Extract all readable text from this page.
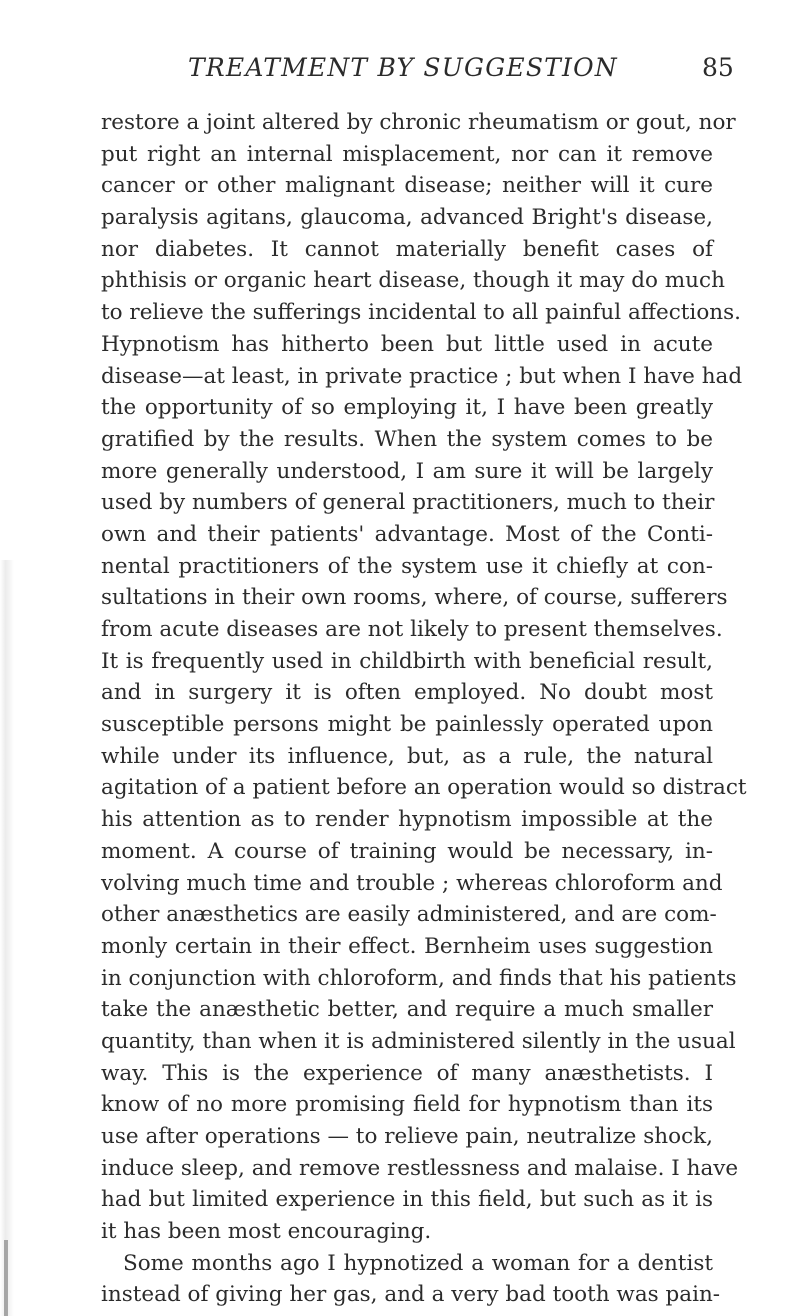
TREATMENT BY SUGGESTION	85
restore a joint altered by chronic rheumatism or gout, nor
put right an internal misplacement, nor can it remove
cancer or other malignant disease; neither will it cure
paralysis agitans, glaucoma, advanced Bright's disease,
nor diabetes. It cannot materially benefit cases of
phthisis or organic heart disease, though it may do much
to relieve the sufferings incidental to all painful affections.
Hypnotism has hitherto been but little used in acute
disease—at least, in private practice ; but when I have had
the opportunity of so employing it, I have been greatly
gratified by the results. When the system comes to be
more generally understood, I am sure it will be largely
used by numbers of general practitioners, much to their
own and their patients' advantage. Most of the Conti-
nental practitioners of the system use it chiefly at con-
sultations in their own rooms, where, of course, sufferers
from acute diseases are not likely to present themselves.
It is frequently used in childbirth with beneficial result,
and in surgery it is often employed. No doubt most
susceptible persons might be painlessly operated upon
while under its influence, but, as a rule, the natural
agitation of a patient before an operation would so distract
his attention as to render hypnotism impossible at the
moment. A course of training would be necessary, in-
volving much time and trouble ; whereas chloroform and
other anæsthetics are easily administered, and are com-
monly certain in their effect. Bernheim uses suggestion
in conjunction with chloroform, and finds that his patients
take the anæsthetic better, and require a much smaller
quantity, than when it is administered silently in the usual
way. This is the experience of many anæsthetists. I
know of no more promising field for hypnotism than its
use after operations — to relieve pain, neutralize shock,
induce sleep, and remove restlessness and malaise. I have
had but limited experience in this field, but such as it is
it has been most encouraging.
Some months ago I hypnotized a woman for a dentist
instead of giving her gas, and a very bad tooth was pain-
